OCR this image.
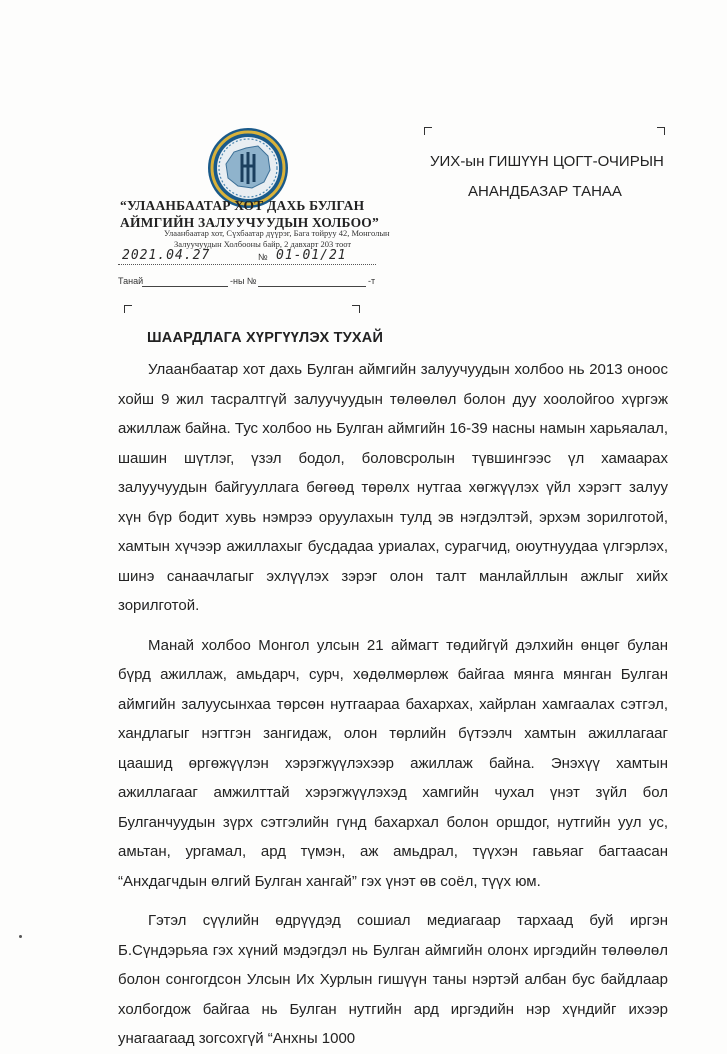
“УЛААНБААТАР ХОТ ДАХЬ БУЛГАН
АЙМГИЙН ЗАЛУУЧУУДЫН ХОЛБОО”
Улаанбаатар хот, Сүхбаатар дүүрэг, Бага тойруу 42, Монголын
Залуучуудын Холбооны байр, 2 давхарт 203 тоот
2021.04.27	№ 01-01/21
Танай	-ны №	-т
УИХ-ын ГИШҮҮН ЦОГТ-ОЧИРЫН
АНАНДБАЗАР ТАНАА
ШААРДЛАГА ХҮРГҮҮЛЭХ ТУХАЙ

Улаанбаатар хот дахь Булган аймгийн залуучуудын холбоо нь 2013 оноос хойш 9 жил тасралтгүй залуучуудын төлөөлөл болон дуу хоолойгоо хүргэж ажиллаж байна. Тус холбоо нь Булган аймгийн 16-39 насны намын харьяалал, шашин шүтлэг, үзэл бодол, боловсролын түвшингээс үл хамаарах залуучуудын байгууллага бөгөөд төрөлх нутгаа хөгжүүлэх үйл хэрэгт залуу хүн бүр бодит хувь нэмрээ оруулахын тулд эв нэгдэлтэй, эрхэм зорилготой, хамтын хүчээр ажиллахыг бусдадаа уриалах, сурагчид, оюутнуудаа үлгэрлэх, шинэ санаачлагыг эхлүүлэх зэрэг олон талт манлайллын ажлыг хийх зорилготой.

Манай холбоо Монгол улсын 21 аймагт төдийгүй дэлхийн өнцөг булан бүрд ажиллаж, амьдарч, сурч, хөдөлмөрлөж байгаа мянга мянган Булган аймгийн залуусынхаа төрсөн нутгаараа бахархах, хайрлан хамгаалах сэтгэл, хандлагыг нэгтгэн зангидаж, олон төрлийн бүтээлч хамтын ажиллагааг цаашид өргөжүүлэн хэрэгжүүлэхээр ажиллаж байна. Энэхүү хамтын ажиллагааг амжилттай хэрэгжүүлэхэд хамгийн чухал үнэт зүйл бол Булганчуудын зүрх сэтгэлийн гүнд бахархал болон оршдог, нутгийн уул ус, амьтан, ургамал, ард түмэн, аж амьдрал, түүхэн гавьяаг багтаасан “Анхдагчдын өлгий Булган хангай” гэх үнэт өв соёл, түүх юм.

Гэтэл сүүлийн өдрүүдэд сошиал медиагаар тархаад буй иргэн Б.Сүндэрьяа гэх хүний мэдэгдэл нь Булган аймгийн олонх иргэдийн төлөөлөл болон сонгогдсон Улсын Их Хурлын гишүүн таны нэртэй албан бус байдлаар холбогдож байгаа нь Булган нутгийн ард иргэдийн нэр хүндийг ихээр унагаагаад зогсохгүй “Анхны 1000
